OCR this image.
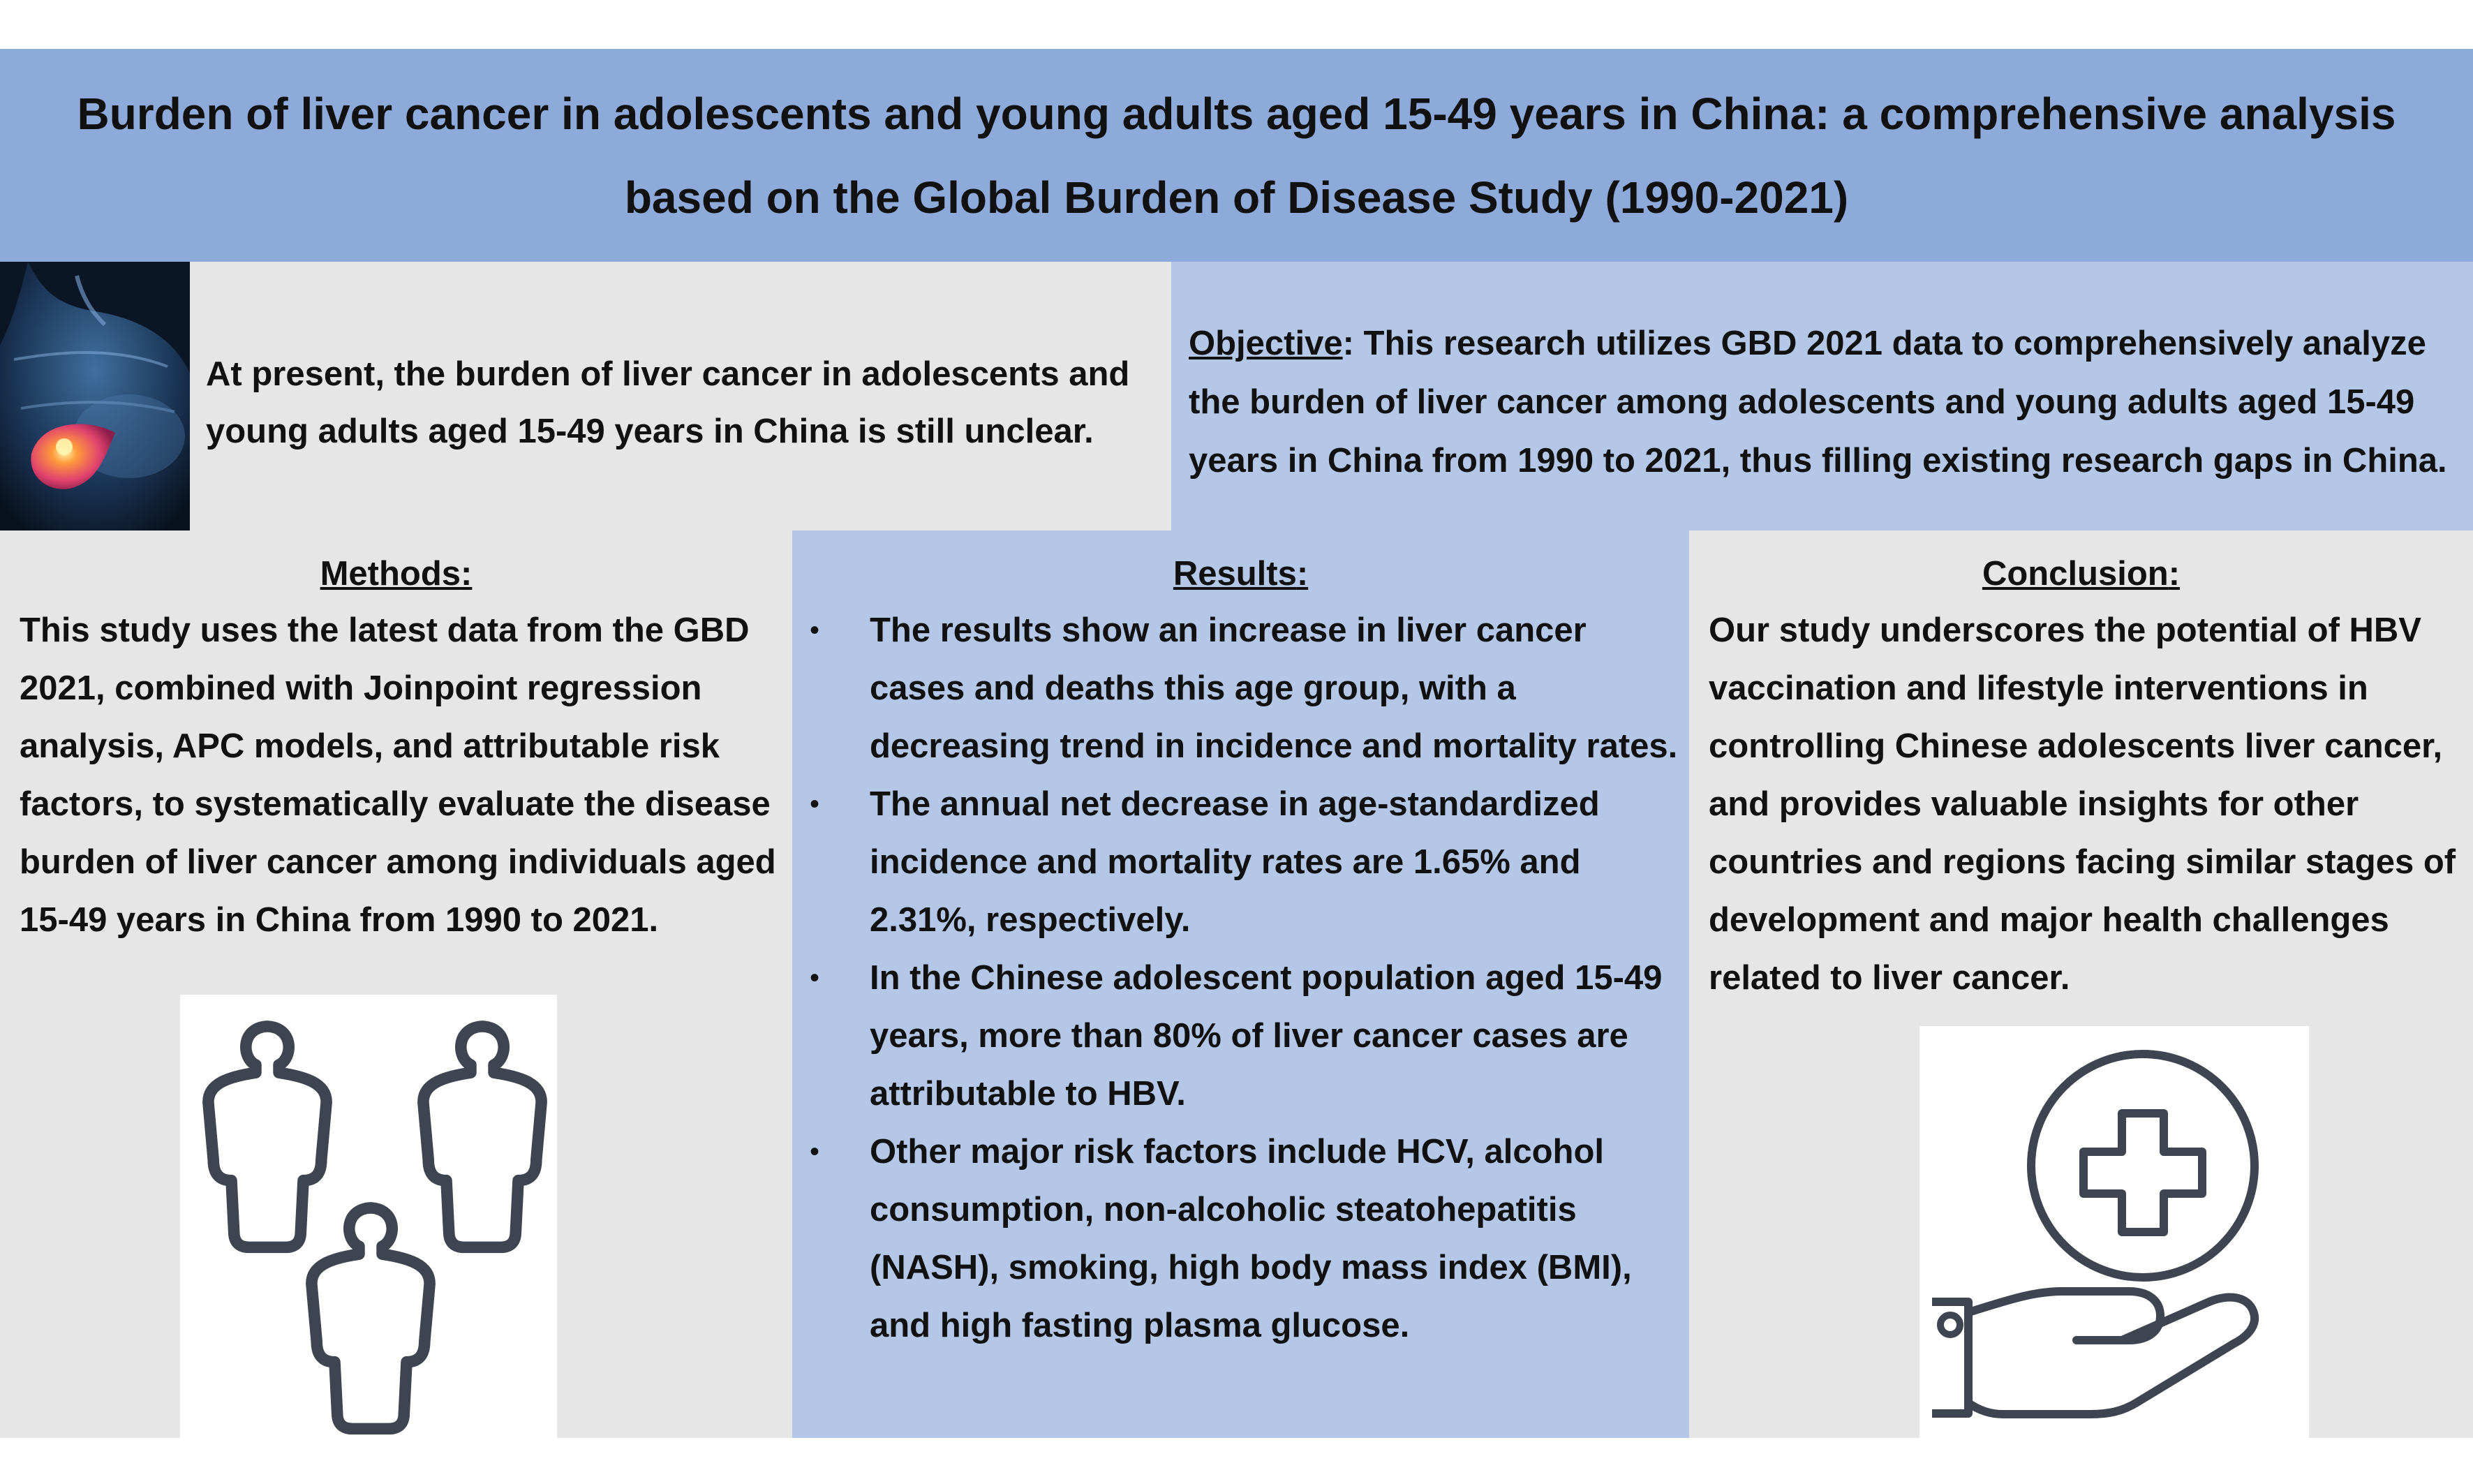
Burden of liver cancer in adolescents and young adults aged 15-49 years in China: a comprehensive analysis based on the Global Burden of Disease Study (1990-2021)
At present, the burden of liver cancer in adolescents and young adults aged 15-49 years in China is still unclear.
Objective: This research utilizes GBD 2021 data to comprehensively analyze the burden of liver cancer among adolescents and young adults aged 15-49 years in China from 1990 to 2021, thus filling existing research gaps in China.
Methods:
This study uses the latest data from the GBD 2021, combined with Joinpoint regression analysis, APC models, and attributable risk factors, to systematically evaluate the disease burden of liver cancer among individuals aged 15-49 years in China from 1990 to 2021.
Results:
• The results show an increase in liver cancer cases and deaths this age group, with a decreasing trend in incidence and mortality rates.
• The annual net decrease in age-standardized incidence and mortality rates are 1.65% and 2.31%, respectively.
• In the Chinese adolescent population aged 15-49 years, more than 80% of liver cancer cases are attributable to HBV.
• Other major risk factors include HCV, alcohol consumption, non-alcoholic steatohepatitis (NASH), smoking, high body mass index (BMI), and high fasting plasma glucose.
Conclusion:
Our study underscores the potential of HBV vaccination and lifestyle interventions in controlling Chinese adolescents liver cancer, and provides valuable insights for other countries and regions facing similar stages of development and major health challenges related to liver cancer.
